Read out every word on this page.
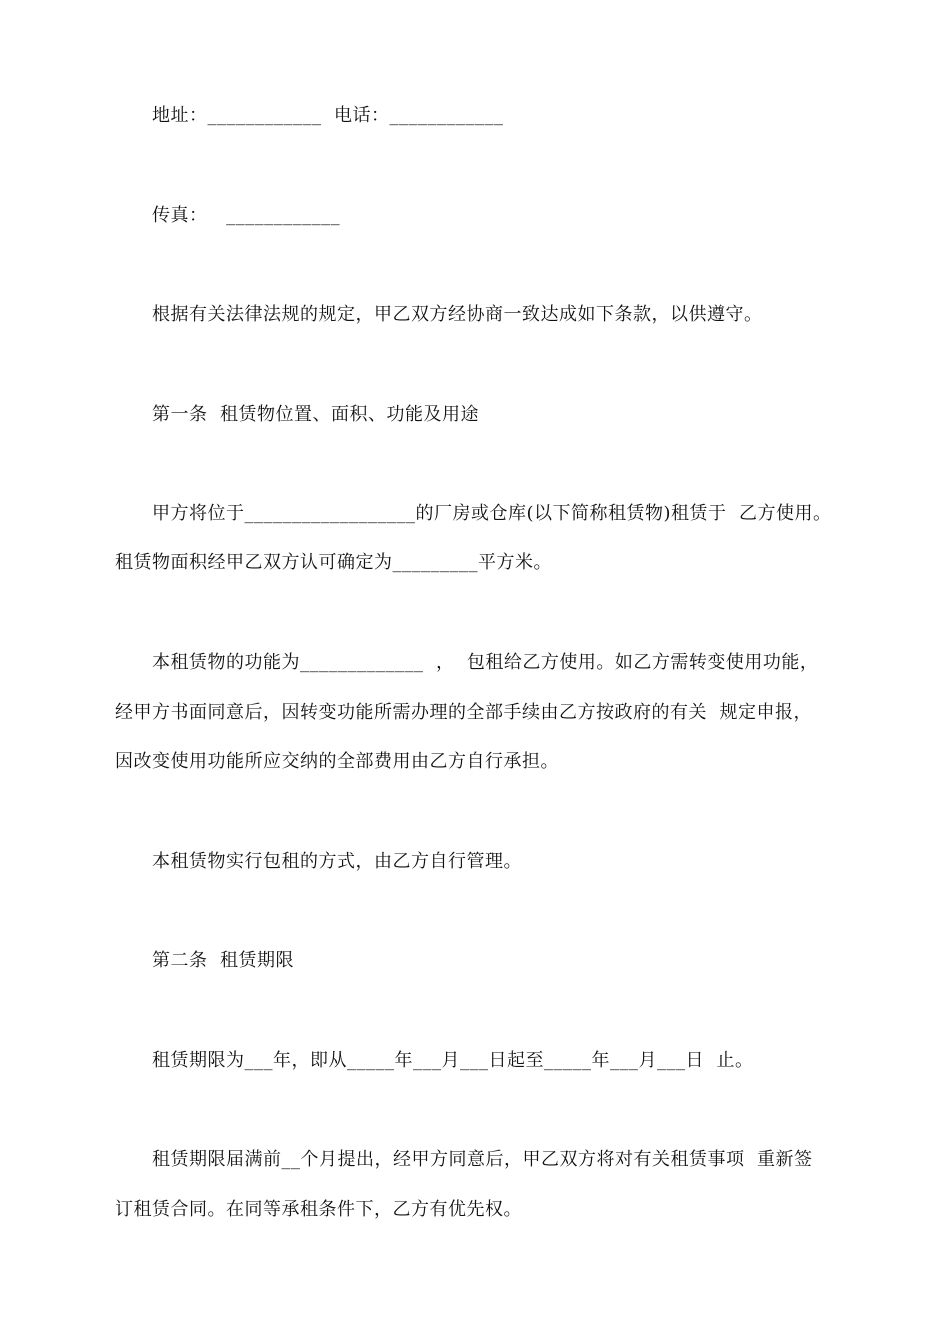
地址：____________  电话：____________
传真：   ____________
根据有关法律法规的规定，甲乙双方经协商一致达成如下条款，以供遵守。
第一条  租赁物位置、面积、功能及用途
甲方将位于__________________的厂房或仓库(以下简称租赁物)租赁于  乙方使用。
租赁物面积经甲乙双方认可确定为_________平方米。
本租赁物的功能为_____________  ，  包租给乙方使用。如乙方需转变使用功能，
经甲方书面同意后，因转变功能所需办理的全部手续由乙方按政府的有关  规定申报，
因改变使用功能所应交纳的全部费用由乙方自行承担。
本租赁物实行包租的方式，由乙方自行管理。
第二条  租赁期限
租赁期限为___年，即从_____年___月___日起至_____年___月___日  止。
租赁期限届满前__个月提出，经甲方同意后，甲乙双方将对有关租赁事项  重新签
订租赁合同。在同等承租条件下，乙方有优先权。
